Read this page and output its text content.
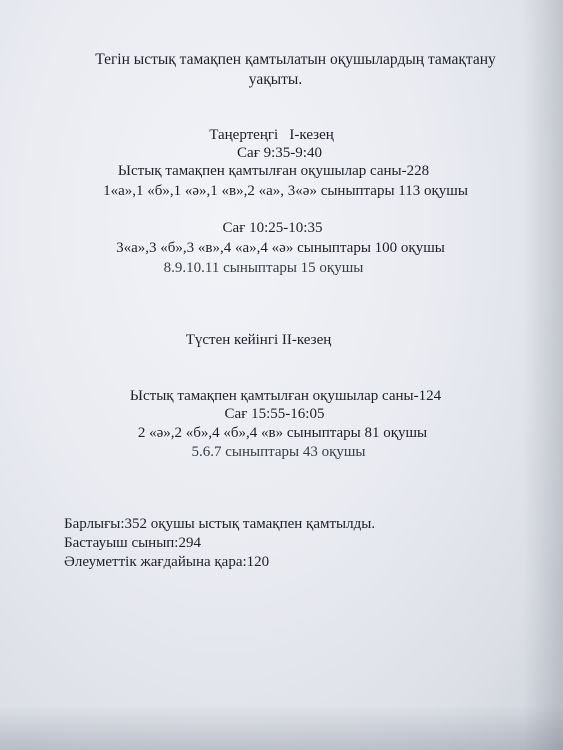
Тегін ыстық тамақпен қамтылатын оқушылардың тамақтану
уақыты.
Таңертеңгі   І-кезең
Сағ 9:35-9:40
Ыстық тамақпен қамтылған оқушылар саны-228
1«а»,1 «б»,1 «ә»,1 «в»,2 «а», 3«ә» сыныптары 113 оқушы
Сағ 10:25-10:35
3«а»,3 «б»,3 «в»,4 «а»,4 «ә» сыныптары 100 оқушы
8.9.10.11 сыныптары 15 оқушы
Түстен кейінгі ІІ-кезең
Ыстық тамақпен қамтылған оқушылар саны-124
Сағ 15:55-16:05
2 «ә»,2 «б»,4 «б»,4 «в» сыныптары 81 оқушы
5.6.7 сыныптары 43 оқушы
Барлығы:352 оқушы ыстық тамақпен қамтылды.
Бастауыш сынып:294
Әлеуметтік жағдайына қара:120
